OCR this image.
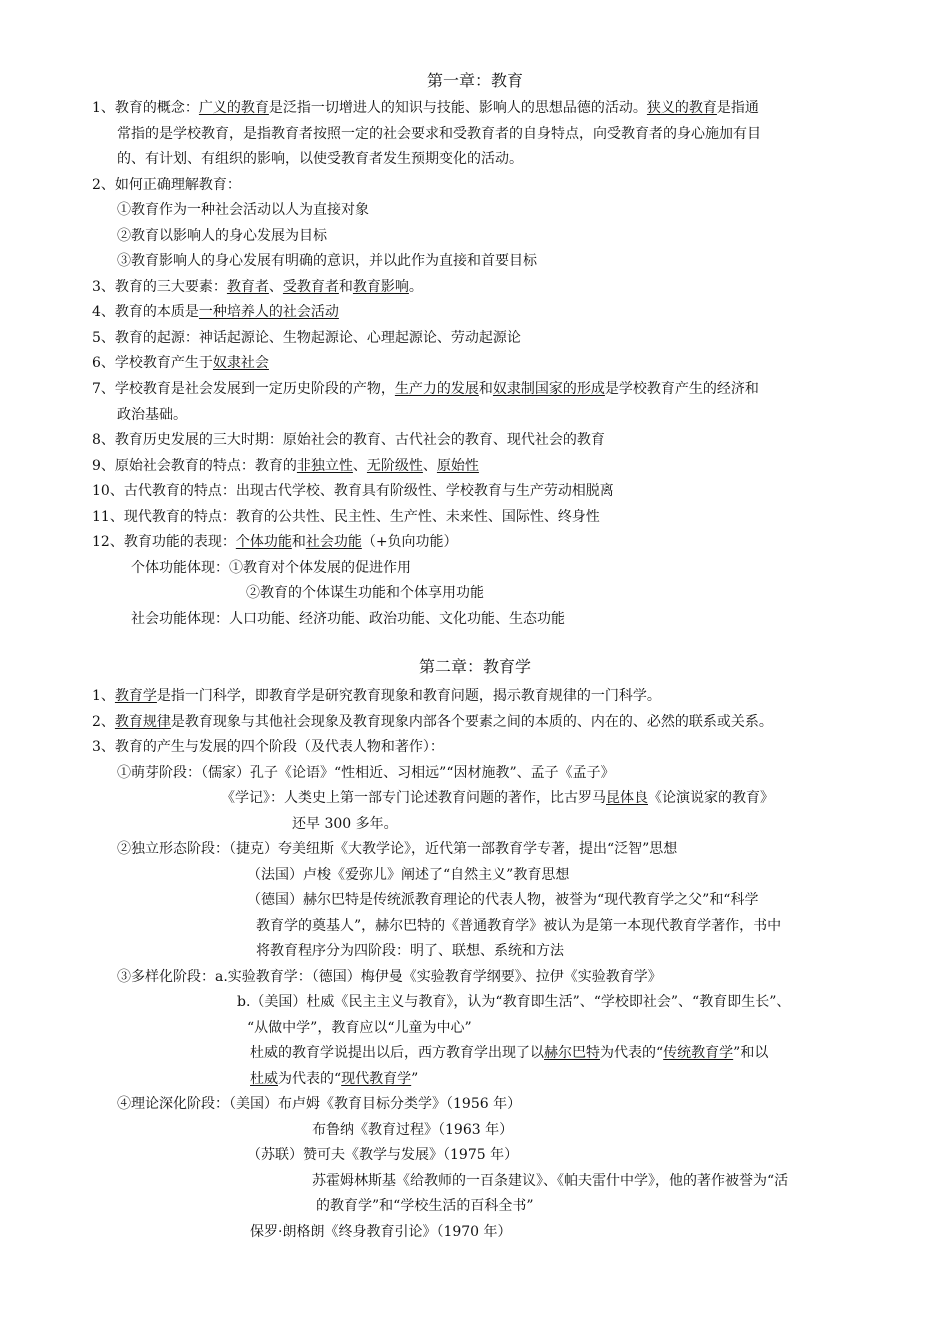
第一章：教育
1、教育的概念：广义的教育是泛指一切增进人的知识与技能、影响人的思想品德的活动。狭义的教育是指通
常指的是学校教育，是指教育者按照一定的社会要求和受教育者的自身特点，向受教育者的身心施加有目
的、有计划、有组织的影响，以使受教育者发生预期变化的活动。
2、如何正确理解教育：
①教育作为一种社会活动以人为直接对象
②教育以影响人的身心发展为目标
③教育影响人的身心发展有明确的意识，并以此作为直接和首要目标
3、教育的三大要素：教育者、受教育者和教育影响。
4、教育的本质是一种培养人的社会活动
5、教育的起源：神话起源论、生物起源论、心理起源论、劳动起源论
6、学校教育产生于奴隶社会
7、学校教育是社会发展到一定历史阶段的产物，生产力的发展和奴隶制国家的形成是学校教育产生的经济和
政治基础。
8、教育历史发展的三大时期：原始社会的教育、古代社会的教育、现代社会的教育
9、原始社会教育的特点：教育的非独立性、无阶级性、原始性
10、古代教育的特点：出现古代学校、教育具有阶级性、学校教育与生产劳动相脱离
11、现代教育的特点：教育的公共性、民主性、生产性、未来性、国际性、终身性
12、教育功能的表现：个体功能和社会功能（+负向功能）
个体功能体现：①教育对个体发展的促进作用
②教育的个体谋生功能和个体享用功能
社会功能体现：人口功能、经济功能、政治功能、文化功能、生态功能
第二章：教育学
1、教育学是指一门科学，即教育学是研究教育现象和教育问题，揭示教育规律的一门科学。
2、教育规律是教育现象与其他社会现象及教育现象内部各个要素之间的本质的、内在的、必然的联系或关系。
3、教育的产生与发展的四个阶段（及代表人物和著作）：
①萌芽阶段：（儒家）孔子《论语》“性相近、习相远”“因材施教”、孟子《孟子》
《学记》：人类史上第一部专门论述教育问题的著作，比古罗马昆体良《论演说家的教育》
还早 300 多年。
②独立形态阶段：（捷克）夸美纽斯《大教学论》，近代第一部教育学专著，提出“泛智”思想
（法国）卢梭《爱弥儿》阐述了“自然主义”教育思想
（德国）赫尔巴特是传统派教育理论的代表人物，被誉为“现代教育学之父”和“科学
教育学的奠基人”，赫尔巴特的《普通教育学》被认为是第一本现代教育学著作，书中
将教育程序分为四阶段：明了、联想、系统和方法
③多样化阶段：a.实验教育学：（德国）梅伊曼《实验教育学纲要》、拉伊《实验教育学》
b.（美国）杜威《民主主义与教育》，认为“教育即生活”、“学校即社会”、“教育即生长”、
“从做中学”，教育应以“儿童为中心”
杜威的教育学说提出以后，西方教育学出现了以赫尔巴特为代表的“传统教育学”和以
杜威为代表的“现代教育学”
④理论深化阶段：（美国）布卢姆《教育目标分类学》（1956 年）
布鲁纳《教育过程》（1963 年）
（苏联）赞可夫《教学与发展》（1975 年）
苏霍姆林斯基《给教师的一百条建议》、《帕夫雷什中学》，他的著作被誉为“活
的教育学”和“学校生活的百科全书”
保罗·朗格朗《终身教育引论》（1970 年）
